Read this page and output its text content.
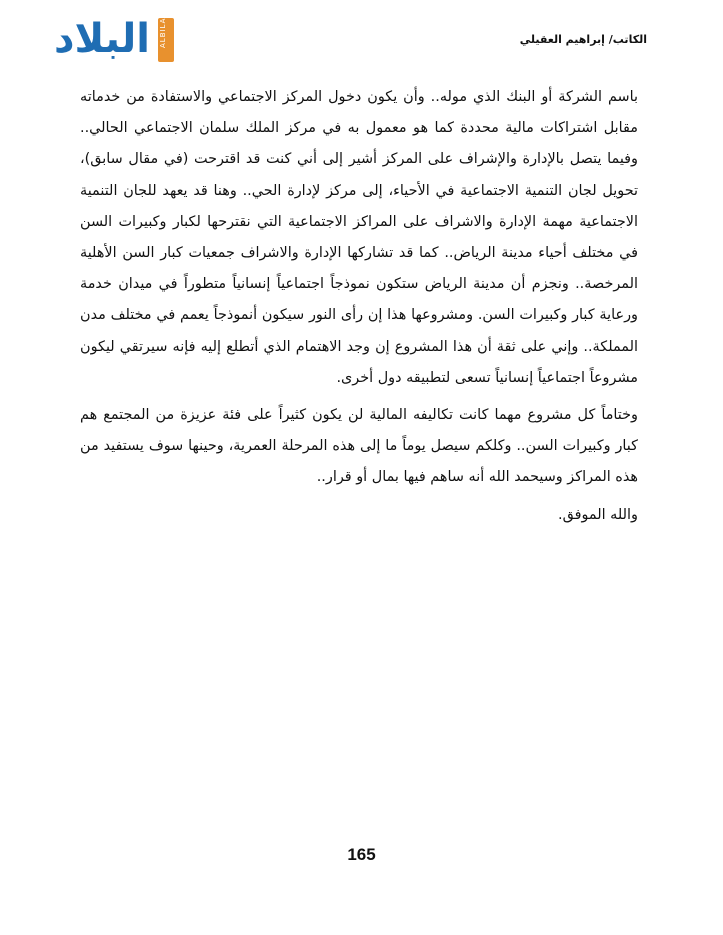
البلاد	ALBILAD	الكاتب/ إبراهيم العقيلي

باسم الشركة أو البنك الذي موله.. وأن يكون دخول المركز الاجتماعي والاستفادة من خدماته مقابل اشتراكات مالية محددة كما هو معمول به في مركز الملك سلمان الاجتماعي الحالي.. وفيما يتصل بالإدارة والإشراف على المركز أشير إلى أني كنت قد اقترحت (في مقال سابق)، تحويل لجان التنمية الاجتماعية في الأحياء، إلى مركز لإدارة الحي.. وهنا قد يعهد للجان التنمية الاجتماعية مهمة الإدارة والاشراف على المراكز الاجتماعية التي نقترحها لكبار وكبيرات السن في مختلف أحياء مدينة الرياض.. كما قد تشاركها الإدارة والاشراف جمعيات كبار السن الأهلية المرخصة.. ونجزم أن مدينة الرياض ستكون نموذجاً اجتماعياً إنسانياً متطوراً في ميدان خدمة ورعاية كبار وكبيرات السن. ومشروعها هذا إن رأى النور سيكون أنموذجاً يعمم في مختلف مدن المملكة.. وإني على ثقة أن هذا المشروع إن وجد الاهتمام الذي أتطلع إليه فإنه سيرتقي ليكون مشروعاً اجتماعياً إنسانياً تسعى لتطبيقه دول أخرى.

وختاماً كل مشروع مهما كانت تكاليفه المالية لن يكون كثيراً على فئة عزيزة من المجتمع هم كبار وكبيرات السن.. وكلكم سيصل يوماً ما إلى هذه المرحلة العمرية، وحينها سوف يستفيد من هذه المراكز وسيحمد الله أنه ساهم فيها بمال أو قرار..

والله الموفق.

165
